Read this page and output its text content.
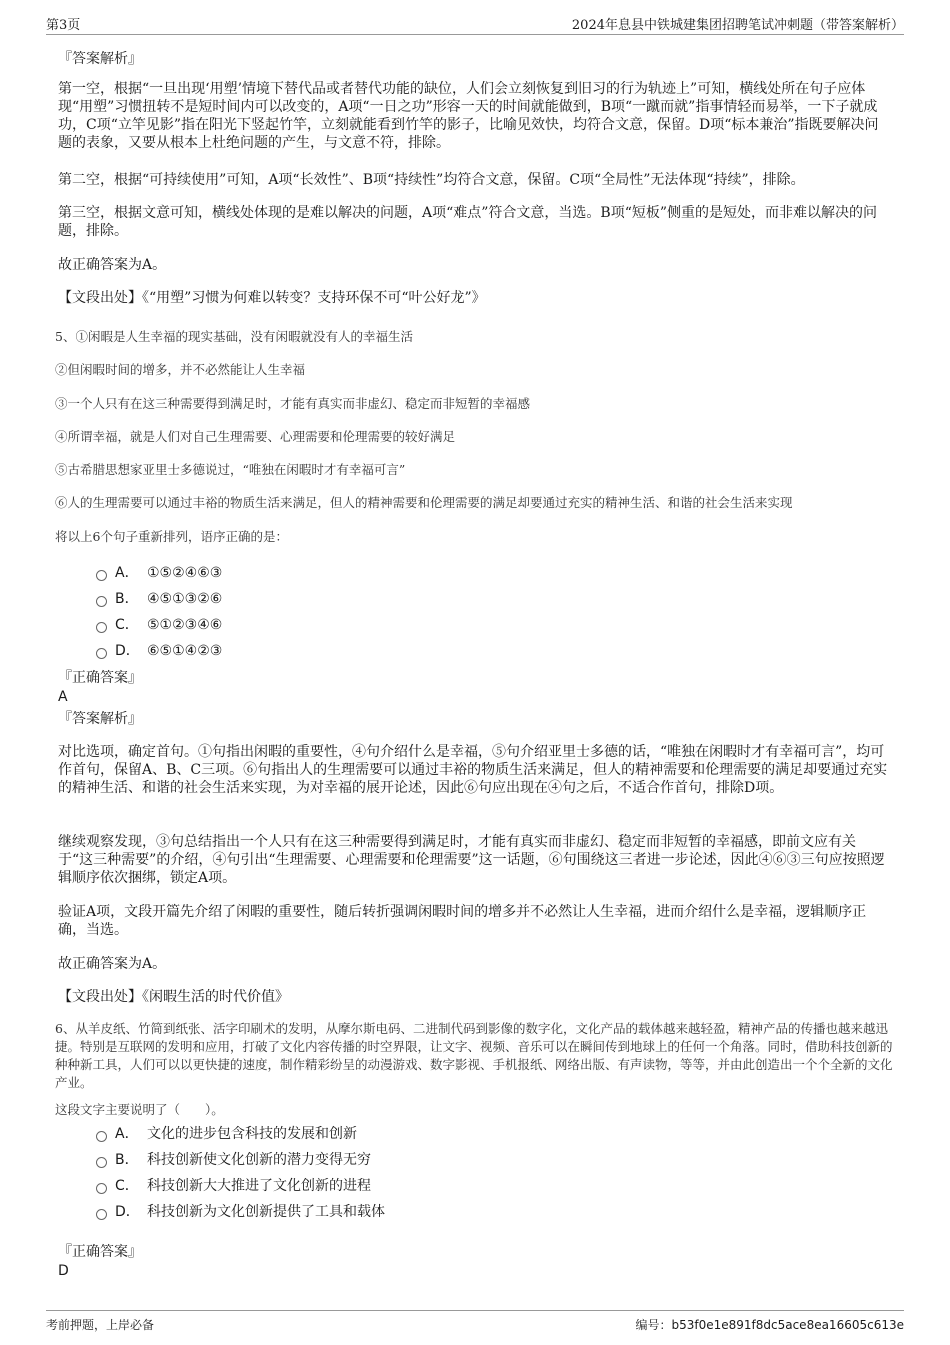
第3页	2024年息县中铁城建集团招聘笔试冲刺题（带答案解析）
『答案解析』
第一空，根据“一旦出现‘用塑’情境下替代品或者替代功能的缺位，人们会立刻恢复到旧习的行为轨迹上”可知，横线处所在句子应体现“用塑”习惯扭转不是短时间内可以改变的，A项“一日之功”形容一天的时间就能做到，B项“一蹴而就”指事情轻而易举，一下子就成功，C项“立竿见影”指在阳光下竖起竹竿，立刻就能看到竹竿的影子，比喻见效快，均符合文意，保留。D项“标本兼治”指既要解决问题的表象，又要从根本上杜绝问题的产生，与文意不符，排除。
第二空，根据“可持续使用”可知，A项“长效性”、B项“持续性”均符合文意，保留。C项“全局性”无法体现“持续”，排除。
第三空，根据文意可知，横线处体现的是难以解决的问题，A项“难点”符合文意，当选。B项“短板”侧重的是短处，而非难以解决的问题，排除。
故正确答案为A。
【文段出处】《“用塑”习惯为何难以转变？支持环保不可“叶公好龙”》
5、①闲暇是人生幸福的现实基础，没有闲暇就没有人的幸福生活
②但闲暇时间的增多，并不必然能让人生幸福
③一个人只有在这三种需要得到满足时，才能有真实而非虚幻、稳定而非短暂的幸福感
④所谓幸福，就是人们对自己生理需要、心理需要和伦理需要的较好满足
⑤古希腊思想家亚里士多德说过，“唯独在闲暇时才有幸福可言”
⑥人的生理需要可以通过丰裕的物质生活来满足，但人的精神需要和伦理需要的满足却要通过充实的精神生活、和谐的社会生活来实现
将以上6个句子重新排列，语序正确的是：
A． ①⑤②④⑥③
B． ④⑤①③②⑥
C． ⑤①②③④⑥
D． ⑥⑤①④②③
『正确答案』
A
『答案解析』
对比选项，确定首句。①句指出闲暇的重要性，④句介绍什么是幸福，⑤句介绍亚里士多德的话，“唯独在闲暇时才有幸福可言”，均可作首句，保留A、B、C三项。⑥句指出人的生理需要可以通过丰裕的物质生活来满足，但人的精神需要和伦理需要的满足却要通过充实的精神生活、和谐的社会生活来实现，为对幸福的展开论述，因此⑥句应出现在④句之后，不适合作首句，排除D项。
继续观察发现，③句总结指出一个人只有在这三种需要得到满足时，才能有真实而非虚幻、稳定而非短暂的幸福感，即前文应有关于“这三种需要”的介绍，④句引出“生理需要、心理需要和伦理需要”这一话题，⑥句围绕这三者进一步论述，因此④⑥③三句应按照逻辑顺序依次捆绑，锁定A项。
验证A项，文段开篇先介绍了闲暇的重要性，随后转折强调闲暇时间的增多并不必然让人生幸福，进而介绍什么是幸福，逻辑顺序正确，当选。
故正确答案为A。
【文段出处】《闲暇生活的时代价值》
6、从羊皮纸、竹简到纸张、活字印刷术的发明，从摩尔斯电码、二进制代码到影像的数字化，文化产品的载体越来越轻盈，精神产品的传播也越来越迅捷。特别是互联网的发明和应用，打破了文化内容传播的时空界限，让文字、视频、音乐可以在瞬间传到地球上的任何一个角落。同时，借助科技创新的种种新工具，人们可以以更快捷的速度，制作精彩纷呈的动漫游戏、数字影视、手机报纸、网络出版、有声读物，等等，并由此创造出一个个全新的文化产业。
这段文字主要说明了（　　）。
A． 文化的进步包含科技的发展和创新
B． 科技创新使文化创新的潜力变得无穷
C． 科技创新大大推进了文化创新的进程
D． 科技创新为文化创新提供了工具和载体
『正确答案』
D
考前押题，上岸必备	编号：b53f0e1e891f8dc5ace8ea16605c613e
